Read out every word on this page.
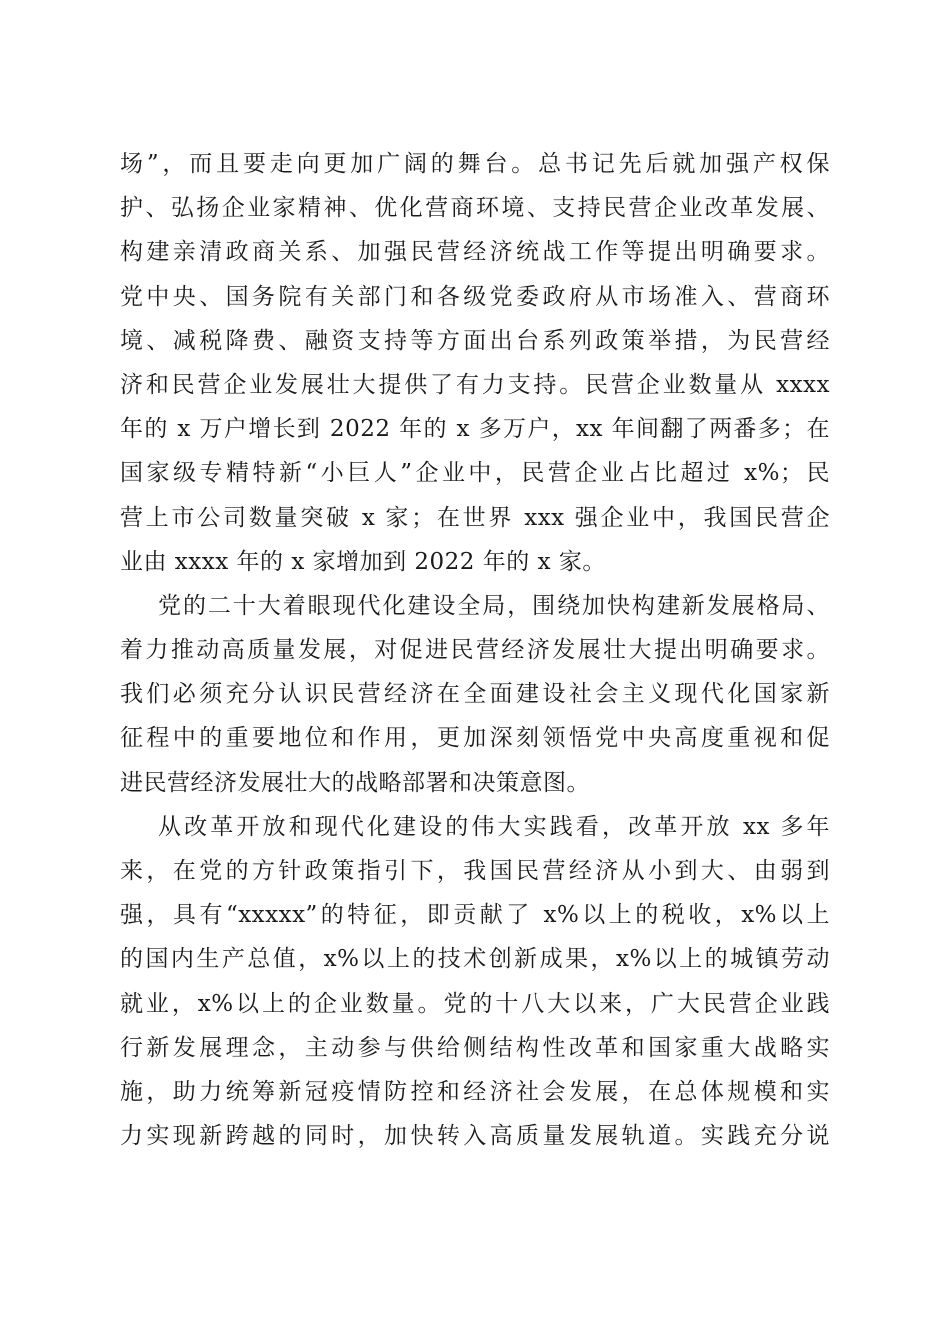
场”，而且要走向更加广阔的舞台。总书记先后就加强产权保
护、弘扬企业家精神、优化营商环境、支持民营企业改革发展、
构建亲清政商关系、加强民营经济统战工作等提出明确要求。
党中央、国务院有关部门和各级党委政府从市场准入、营商环
境、减税降费、融资支持等方面出台系列政策举措，为民营经
济和民营企业发展壮大提供了有力支持。民营企业数量从 xxxx
年的 x 万户增长到 2022 年的 x 多万户，xx 年间翻了两番多；在
国家级专精特新“小巨人”企业中，民营企业占比超过 x%；民
营上市公司数量突破 x 家；在世界 xxx 强企业中，我国民营企
业由 xxxx 年的 x 家增加到 2022 年的 x 家。
党的二十大着眼现代化建设全局，围绕加快构建新发展格局、
着力推动高质量发展，对促进民营经济发展壮大提出明确要求。
我们必须充分认识民营经济在全面建设社会主义现代化国家新
征程中的重要地位和作用，更加深刻领悟党中央高度重视和促
进民营经济发展壮大的战略部署和决策意图。
从改革开放和现代化建设的伟大实践看，改革开放 xx 多年
来，在党的方针政策指引下，我国民营经济从小到大、由弱到
强，具有“xxxxx”的特征，即贡献了 x%以上的税收，x%以上
的国内生产总值，x%以上的技术创新成果，x%以上的城镇劳动
就业，x%以上的企业数量。党的十八大以来，广大民营企业践
行新发展理念，主动参与供给侧结构性改革和国家重大战略实
施，助力统筹新冠疫情防控和经济社会发展，在总体规模和实
力实现新跨越的同时，加快转入高质量发展轨道。实践充分说
